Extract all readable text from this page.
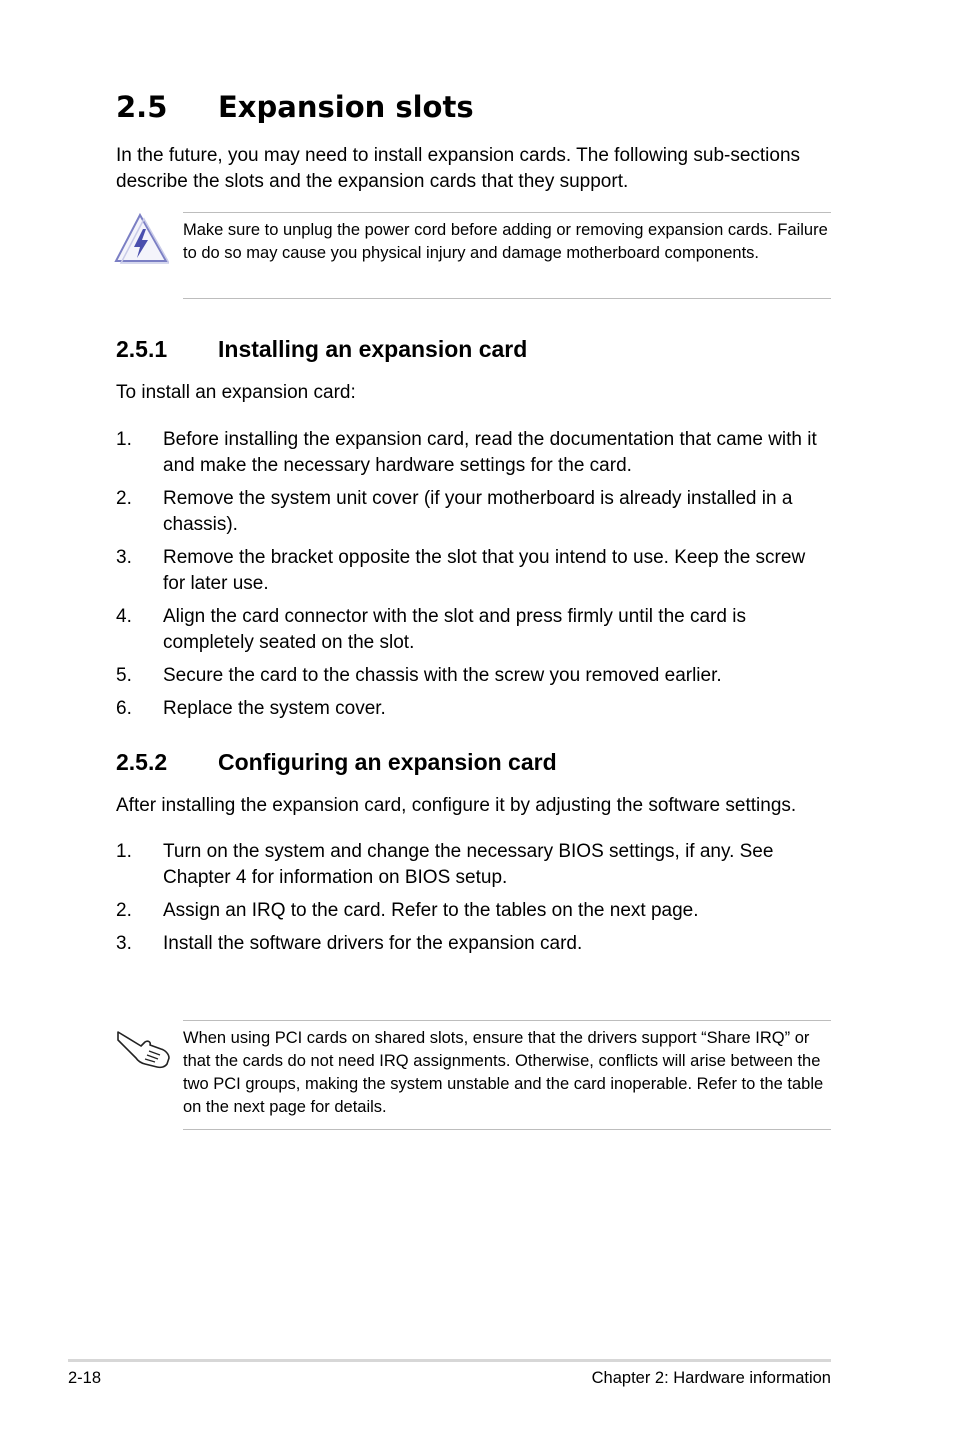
2.5	Expansion slots

In the future, you may need to install expansion cards. The following sub-sections describe the slots and the expansion cards that they support.

Make sure to unplug the power cord before adding or removing expansion cards. Failure to do so may cause you physical injury and damage motherboard components.
2.5.1	Installing an expansion card

To install an expansion card:

1.	Before installing the expansion card, read the documentation that came with it and make the necessary hardware settings for the card.
2.	Remove the system unit cover (if your motherboard is already installed in a chassis).
3.	Remove the bracket opposite the slot that you intend to use. Keep the screw for later use.
4.	Align the card connector with the slot and press firmly until the card is completely seated on the slot.
5.	Secure the card to the chassis with the screw you removed earlier.
6.	Replace the system cover.
2.5.2	Configuring an expansion card

After installing the expansion card, configure it by adjusting the software settings.

1.	Turn on the system and change the necessary BIOS settings, if any. See Chapter 4 for information on BIOS setup.
2.	Assign an IRQ to the card. Refer to the tables on the next page.
3.	Install the software drivers for the expansion card.
When using PCI cards on shared slots, ensure that the drivers support “Share IRQ” or that the cards do not need IRQ assignments. Otherwise, conflicts will arise between the two PCI groups, making the system unstable and the card inoperable. Refer to the table on the next page for details.
2-18	Chapter 2: Hardware information
